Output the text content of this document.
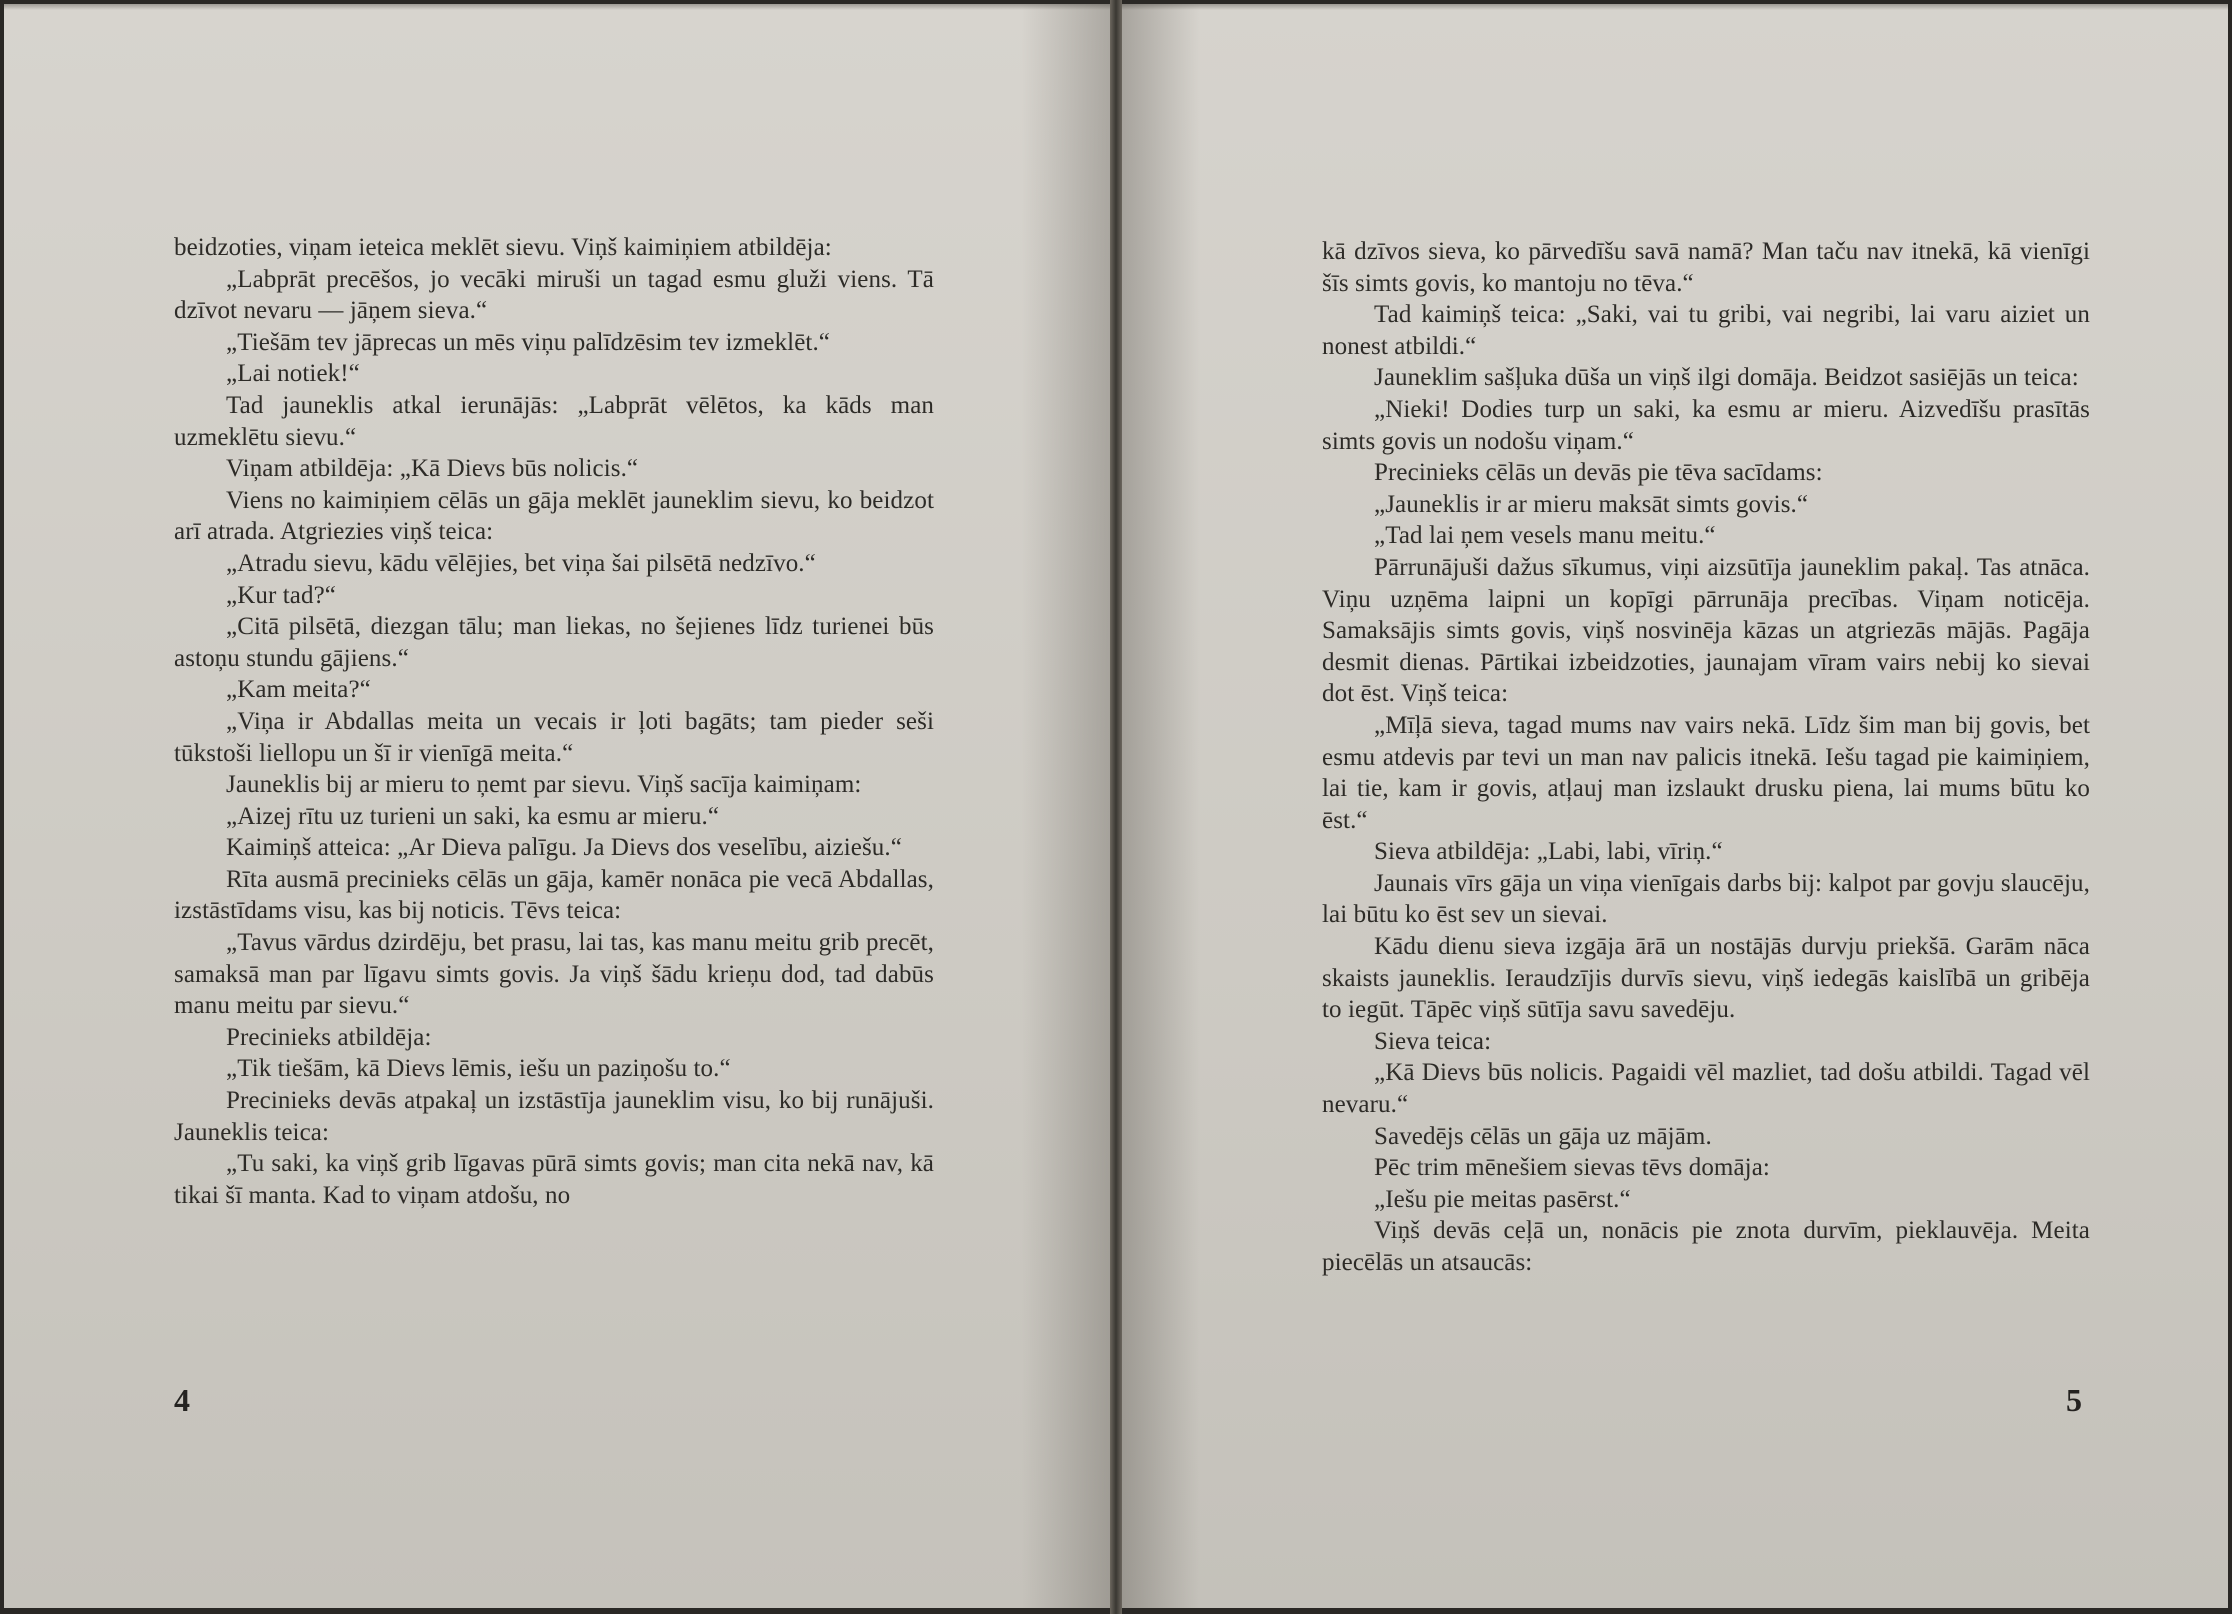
beidzoties, viņam ieteica meklēt sievu. Viņš kaimiņiem atbildēja:

„Labprāt precēšos, jo vecāki miruši un tagad esmu gluži viens. Tā dzīvot nevaru — jāņem sieva.“

„Tiešām tev jāprecas un mēs viņu palīdzēsim tev izmeklēt.“

„Lai notiek!“

Tad jauneklis atkal ierunājās: „Labprāt vēlētos, ka kāds man uzmeklētu sievu.“

Viņam atbildēja: „Kā Dievs būs nolicis.“

Viens no kaimiņiem cēlās un gāja meklēt jauneklim sievu, ko beidzot arī atrada. Atgriezies viņš teica:

„Atradu sievu, kādu vēlējies, bet viņa šai pilsētā nedzīvo.“

„Kur tad?“

„Citā pilsētā, diezgan tālu; man liekas, no šejienes līdz turienei būs astoņu stundu gājiens.“

„Kam meita?“

„Viņa ir Abdallas meita un vecais ir ļoti bagāts; tam pieder seši tūkstoši liellopu un šī ir vienīgā meita.“

Jauneklis bij ar mieru to ņemt par sievu. Viņš sacīja kaimiņam:

„Aizej rītu uz turieni un saki, ka esmu ar mieru.“

Kaimiņš atteica: „Ar Dieva palīgu. Ja Dievs dos veselību, aiziešu.“

Rīta ausmā precinieks cēlās un gāja, kamēr nonāca pie vecā Abdallas, izstāstīdams visu, kas bij noticis. Tēvs teica:

„Tavus vārdus dzirdēju, bet prasu, lai tas, kas manu meitu grib precēt, samaksā man par līgavu simts govis. Ja viņš šādu krieņu dod, tad dabūs manu meitu par sievu.“

Precinieks atbildēja:

„Tik tiešām, kā Dievs lēmis, iešu un paziņošu to.“

Precinieks devās atpakaļ un izstāstīja jauneklim visu, ko bij runājuši. Jauneklis teica:

„Tu saki, ka viņš grib līgavas pūrā simts govis; man cita nekā nav, kā tikai šī manta. Kad to viņam atdošu, no

4

kā dzīvos sieva, ko pārvedīšu savā namā? Man taču nav itnekā, kā vienīgi šīs simts govis, ko mantoju no tēva.“

Tad kaimiņš teica: „Saki, vai tu gribi, vai negribi, lai varu aiziet un nonest atbildi.“

Jauneklim sašļuka dūša un viņš ilgi domāja. Beidzot sasiējās un teica:

„Nieki! Dodies turp un saki, ka esmu ar mieru. Aizvedīšu prasītās simts govis un nodošu viņam.“

Precinieks cēlās un devās pie tēva sacīdams:

„Jauneklis ir ar mieru maksāt simts govis.“

„Tad lai ņem vesels manu meitu.“

Pārrunājuši dažus sīkumus, viņi aizsūtīja jauneklim pakaļ. Tas atnāca. Viņu uzņēma laipni un kopīgi pārrunāja precības. Viņam noticēja. Samaksājis simts govis, viņš nosvinēja kāzas un atgriezās mājās. Pagāja desmit dienas. Pārtikai izbeidzoties, jaunajam vīram vairs nebij ko sievai dot ēst. Viņš teica:

„Mīļā sieva, tagad mums nav vairs nekā. Līdz šim man bij govis, bet esmu atdevis par tevi un man nav palicis itnekā. Iešu tagad pie kaimiņiem, lai tie, kam ir govis, atļauj man izslaukt drusku piena, lai mums būtu ko ēst.“

Sieva atbildēja: „Labi, labi, vīriņ.“

Jaunais vīrs gāja un viņa vienīgais darbs bij: kalpot par govju slaucēju, lai būtu ko ēst sev un sievai.

Kādu dienu sieva izgāja ārā un nostājās durvju priekšā. Garām nāca skaists jauneklis. Ieraudzījis durvīs sievu, viņš iedegās kaislībā un gribēja to iegūt. Tāpēc viņš sūtīja savu savedēju.

Sieva teica:

„Kā Dievs būs nolicis. Pagaidi vēl mazliet, tad došu atbildi. Tagad vēl nevaru.“

Savedējs cēlās un gāja uz mājām.

Pēc trim mēnešiem sievas tēvs domāja:

„Iešu pie meitas pasērst.“

Viņš devās ceļā un, nonācis pie znota durvīm, pieklauvēja. Meita piecēlās un atsaucās:

5
